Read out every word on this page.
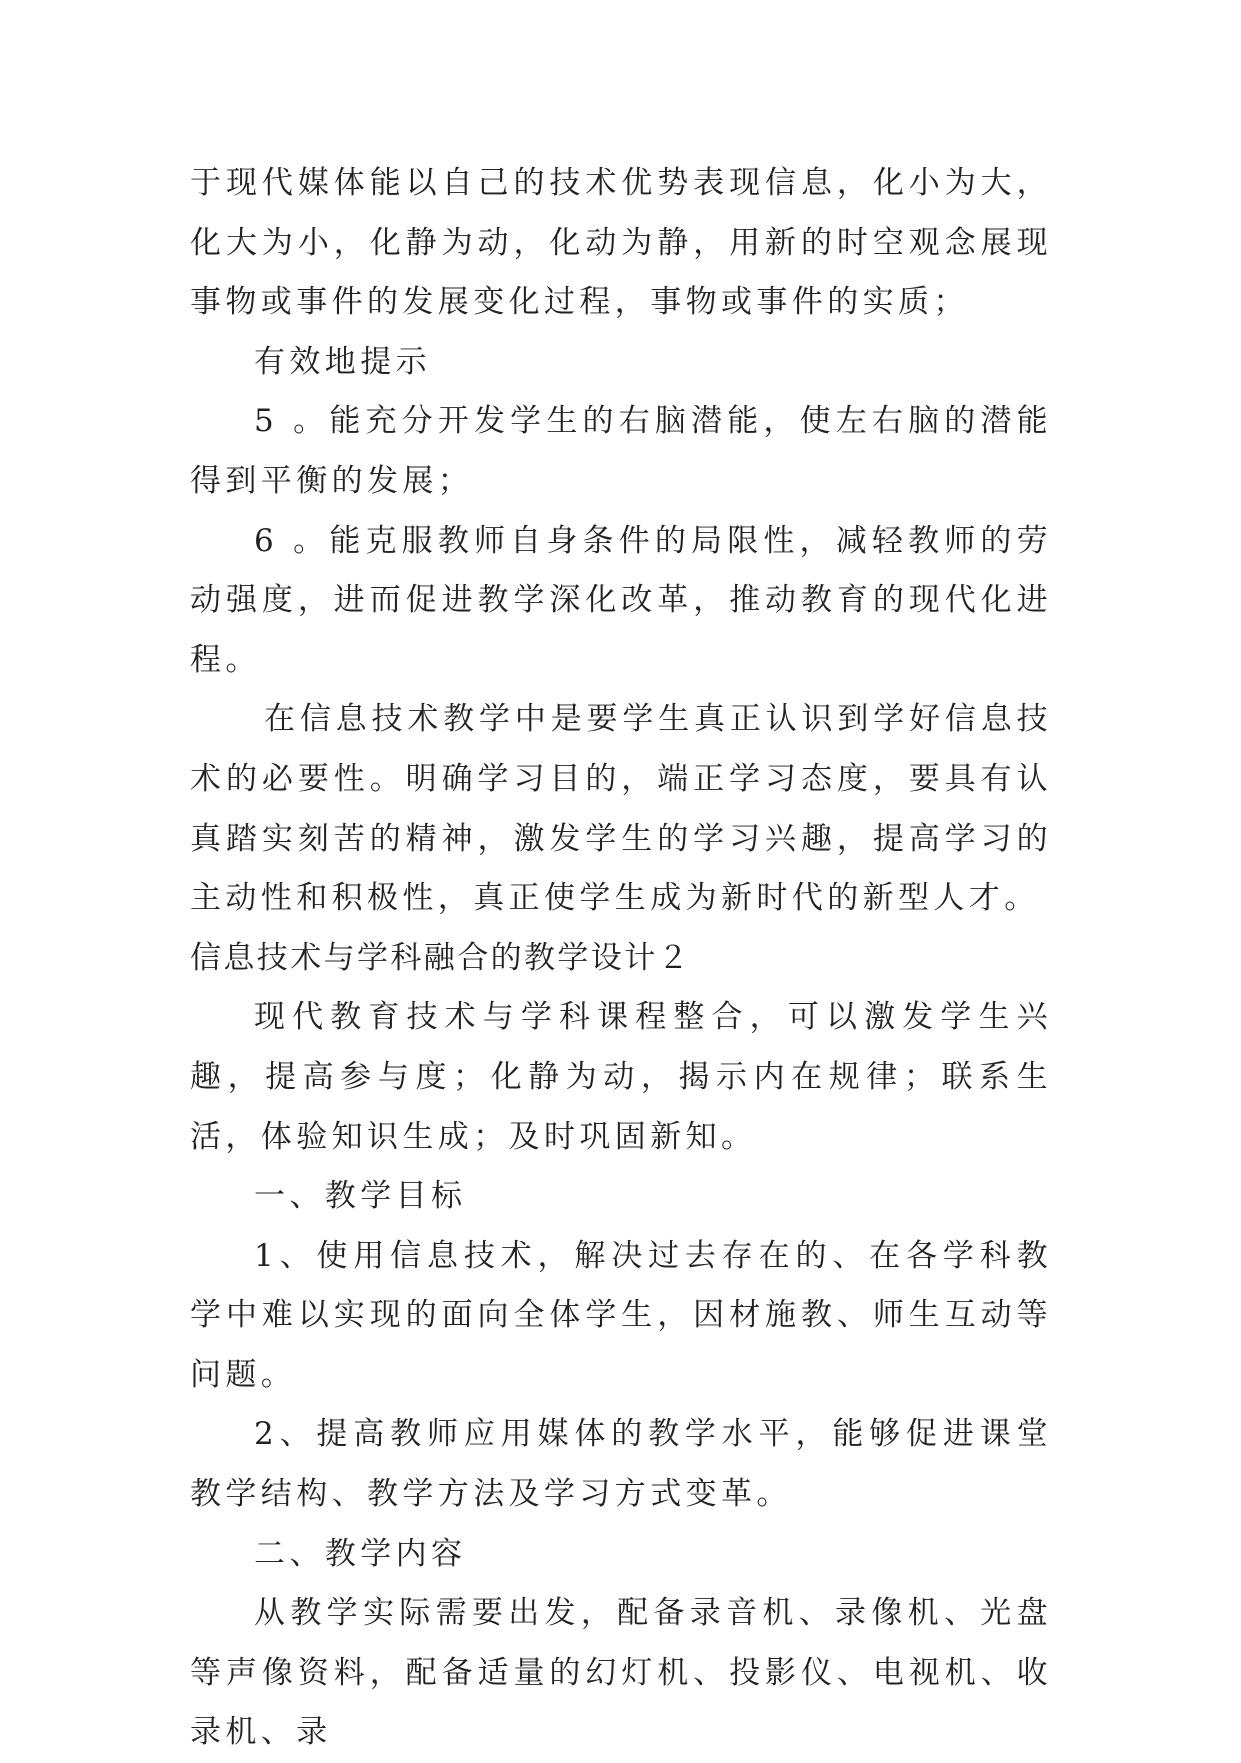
于现代媒体能以自己的技术优势表现信息，化小为大，化大为小，化静为动，化动为静，用新的时空观念展现事物或事件的发展变化过程，事物或事件的实质；

有效地提示

5 。能充分开发学生的右脑潜能，使左右脑的潜能得到平衡的发展；

6 。能克服教师自身条件的局限性，减轻教师的劳动强度，进而促进教学深化改革，推动教育的现代化进程。

在信息技术教学中是要学生真正认识到学好信息技术的必要性。明确学习目的，端正学习态度，要具有认真踏实刻苦的精神，激发学生的学习兴趣，提高学习的主动性和积极性，真正使学生成为新时代的新型人才。

信息技术与学科融合的教学设计２

现代教育技术与学科课程整合，可以激发学生兴趣，提高参与度；化静为动，揭示内在规律；联系生活，体验知识生成；及时巩固新知。

一、教学目标

1、使用信息技术，解决过去存在的、在各学科教学中难以实现的面向全体学生，因材施教、师生互动等问题。

2、提高教师应用媒体的教学水平，能够促进课堂教学结构、教学方法及学习方式变革。

二、教学内容

从教学实际需要出发，配备录音机、录像机、光盘等声像资料，配备适量的幻灯机、投影仪、电视机、收录机、录
